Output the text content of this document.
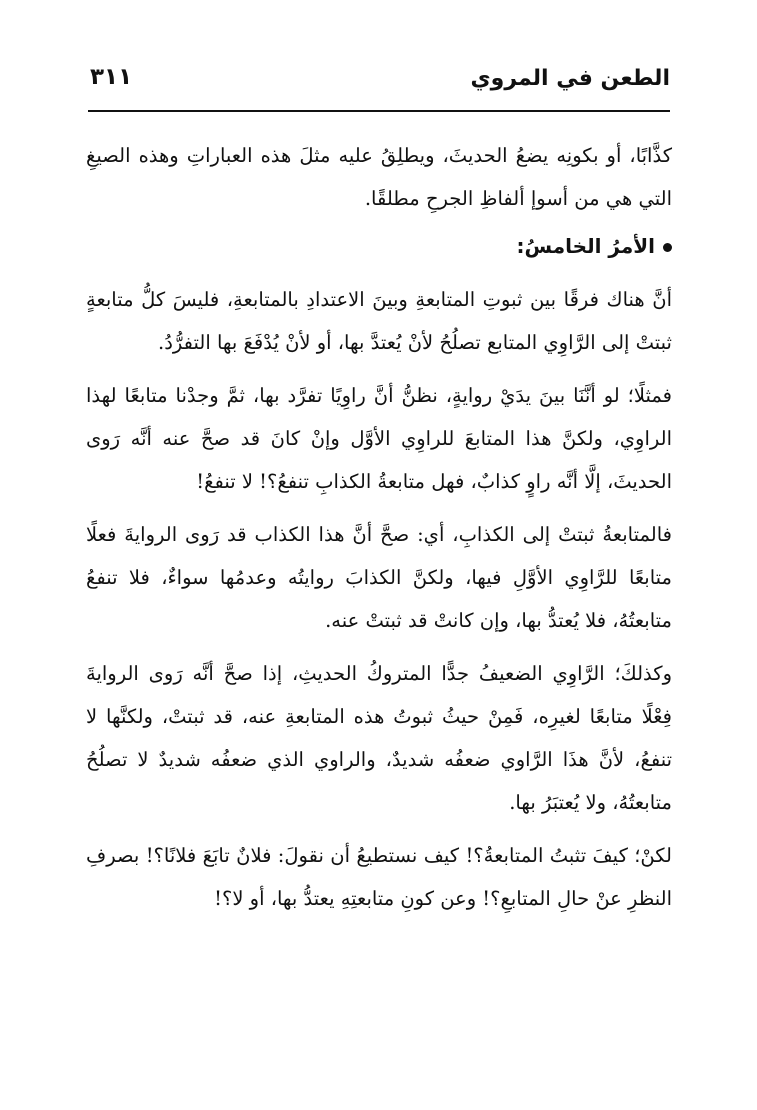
الطعن في المروي
٣١١

كذَّابًا، أو بكونِه يضعُ الحديثَ، ويطلِقُ عليه مثلَ هذه العباراتِ وهذه الصيغِ التي هي من أسوإ ألفاظِ الجرحِ مطلقًا.

الأمرُ الخامسُ:

أنَّ هناك فرقًا بين ثبوتِ المتابعةِ وبينَ الاعتدادِ بالمتابعةِ، فليسَ كلُّ متابعةٍ ثبتتْ إلى الرَّاوِي المتابع تصلُحُ لأنْ يُعتدَّ بها، أو لأنْ يُدْفَعَ بها التفرُّدُ.

فمثلًا؛ لو أنَّنَا بينَ يدَيْ روايةٍ، نظنُّ أنَّ راوِيًا تفرَّد بها، ثمَّ وجدْنا متابعًا لهذا الراوِي، ولكنَّ هذا المتابعَ للراوِي الأوَّل وإنْ كانَ قد صحَّ عنه أنَّه رَوى الحديثَ، إلَّا أنَّه راوٍ كذابٌ، فهل متابعةُ الكذابِ تنفعُ؟! لا تنفعُ!

فالمتابعةُ ثبتتْ إلى الكذابِ، أي: صحَّ أنَّ هذا الكذاب قد رَوى الروايةَ فعلًا متابعًا للرَّاوِي الأوَّلِ فيها، ولكنَّ الكذابَ روايتُه وعدمُها سواءٌ، فلا تنفعُ متابعتُهُ، فلا يُعتدُّ بها، وإن كانتْ قد ثبتتْ عنه.

وكذلكَ؛ الرَّاوِي الضعيفُ جدًّا المتروكُ الحديثِ، إذا صحَّ أنَّه رَوى الروايةَ فِعْلًا متابعًا لغيرِه، فَمِنْ حيثُ ثبوتُ هذه المتابعةِ عنه، قد ثبتتْ، ولكنَّها لا تنفعُ، لأنَّ هذَا الرَّاوي ضعفُه شديدٌ، والراوي الذي ضعفُه شديدٌ لا تصلُحُ متابعتُهُ، ولا يُعتبَرُ بها.

لكنْ؛ كيفَ تثبتُ المتابعةُ؟! كيف نستطيعُ أن نقولَ: فلانٌ تابَعَ فلانًا؟! بصرفِ النظرِ عنْ حالِ المتابعِ؟! وعن كونِ متابعتِهِ يعتدُّ بها، أو لا؟!
